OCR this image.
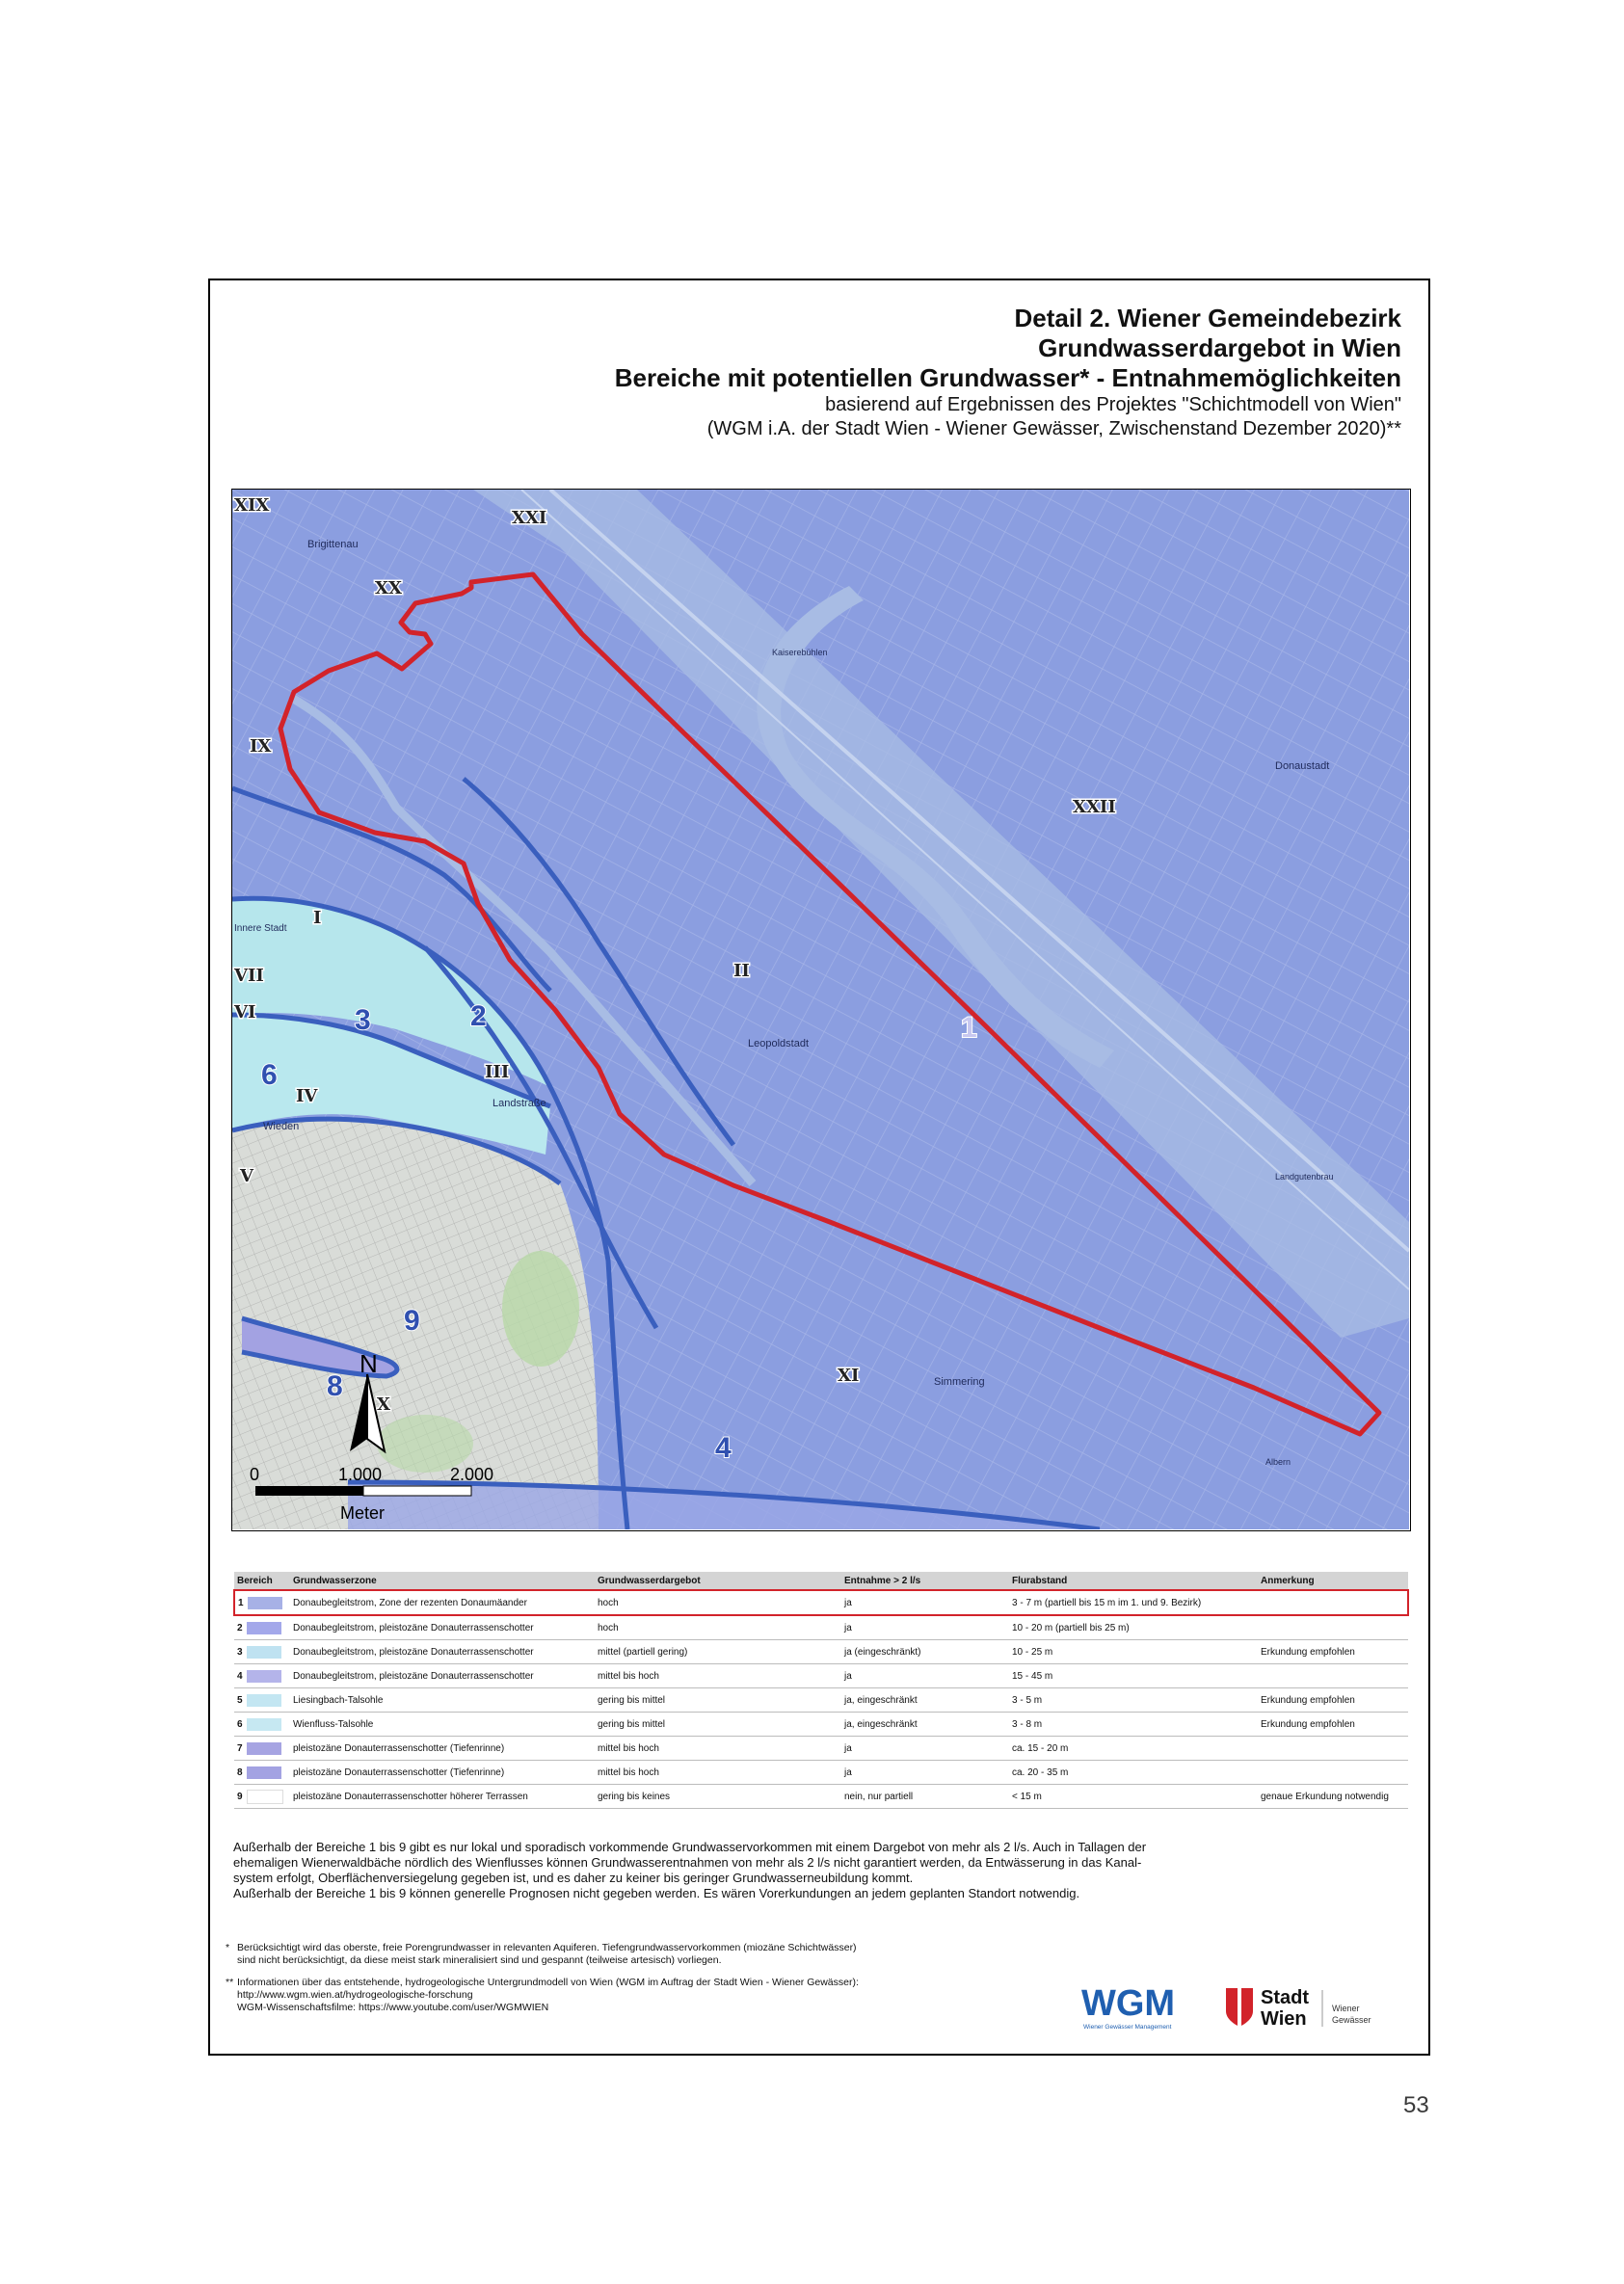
Detail 2. Wiener Gemeindebezirk
Grundwasserdargebot in Wien
Bereiche mit potentiellen Grundwasser* - Entnahmemöglichkeiten
basierend auf Ergebnissen des Projektes "Schichtmodell von Wien"
(WGM i.A. der Stadt Wien - Wiener Gewässer, Zwischenstand Dezember 2020)**
XIX
XXI
XX
IX
XXII
I
II
VII
VI
III
IV
V
XI
X
1
2
3
4
6
8
9
Brigittenau
Kaiserebühlen
Donaustadt
Leopoldstadt
Landstraße
Wieden
Simmering
Albern
Landgutenbrau
Innere Stadt
N
0	1.000	2.000
Meter
Bereich	Grundwasserzone	Grundwasserdargebot	Entnahme > 2 l/s	Flurabstand	Anmerkung
1	Donaubegleitstrom, Zone der rezenten Donaumäander	hoch	ja	3 - 7 m (partiell bis 15 m im 1. und 9. Bezirk)	
2	Donaubegleitstrom, pleistozäne Donauterrassenschotter	hoch	ja	10 - 20 m (partiell bis 25 m)	
3	Donaubegleitstrom, pleistozäne Donauterrassenschotter	mittel (partiell gering)	ja (eingeschränkt)	10 - 25 m	Erkundung empfohlen
4	Donaubegleitstrom, pleistozäne Donauterrassenschotter	mittel bis hoch	ja	15 - 45 m	
5	Liesingbach-Talsohle	gering bis mittel	ja, eingeschränkt	3 - 5 m	Erkundung empfohlen
6	Wienfluss-Talsohle	gering bis mittel	ja, eingeschränkt	3 - 8 m	Erkundung empfohlen
7	pleistozäne Donauterrassenschotter (Tiefenrinne)	mittel bis hoch	ja	ca. 15 - 20 m	
8	pleistozäne Donauterrassenschotter (Tiefenrinne)	mittel bis hoch	ja	ca. 20 - 35 m	
9	pleistozäne Donauterrassenschotter höherer Terrassen	gering bis keines	nein, nur partiell	< 15 m	genaue Erkundung notwendig
Außerhalb der Bereiche 1 bis 9 gibt es nur lokal und sporadisch vorkommende Grundwasservorkommen mit einem Dargebot von mehr als 2 l/s. Auch in Tallagen der
ehemaligen Wienerwaldbäche nördlich des Wienflusses können Grundwasserentnahmen von mehr als 2 l/s nicht garantiert werden, da Entwässerung in das Kanal-
system erfolgt, Oberflächenversiegelung gegeben ist, und es daher zu keiner bis geringer Grundwasserneubildung kommt.
Außerhalb der Bereiche 1 bis 9 können generelle Prognosen nicht gegeben werden. Es wären Vorerkundungen an jedem geplanten Standort notwendig.
* Berücksichtigt wird das oberste, freie Porengrundwasser in relevanten Aquiferen. Tiefengrundwasservorkommen (miozäne Schichtwässer)
sind nicht berücksichtigt, da diese meist stark mineralisiert sind und gespannt (teilweise artesisch) vorliegen.
** Informationen über das entstehende, hydrogeologische Untergrundmodell von Wien (WGM im Auftrag der Stadt Wien - Wiener Gewässer):
http://www.wgm.wien.at/hydrogeologische-forschung
WGM-Wissenschaftsfilme: https://www.youtube.com/user/WGMWIEN	WGM
Wiener Gewässer Management
Stadt
Wien	Wiener
Gewässer
53
